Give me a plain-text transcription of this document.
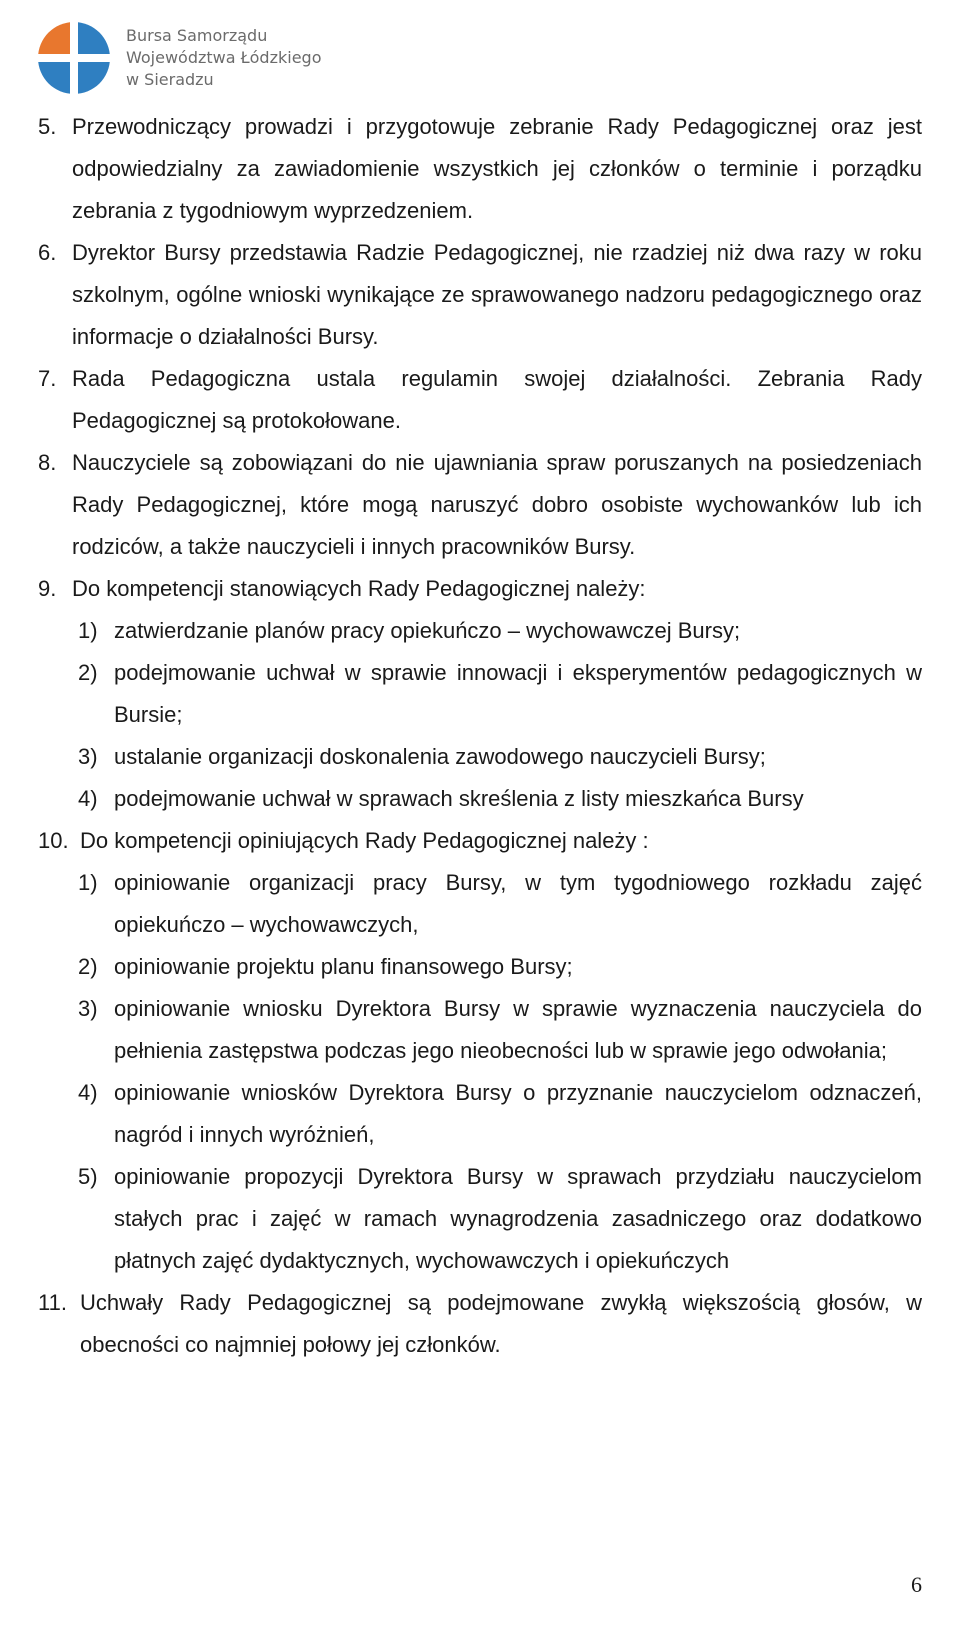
Bursa Samorządu
Województwa Łódzkiego
w Sieradzu
5. Przewodniczący prowadzi i przygotowuje zebranie Rady Pedagogicznej oraz jest odpowiedzialny za zawiadomienie wszystkich jej członków o terminie i porządku zebrania z tygodniowym wyprzedzeniem.
6. Dyrektor Bursy przedstawia Radzie Pedagogicznej, nie rzadziej niż dwa razy w roku szkolnym, ogólne wnioski wynikające ze sprawowanego nadzoru pedagogicznego oraz informacje o działalności Bursy.
7. Rada Pedagogiczna ustala regulamin swojej działalności. Zebrania Rady Pedagogicznej są protokołowane.
8. Nauczyciele są zobowiązani do nie ujawniania spraw poruszanych na posiedzeniach Rady Pedagogicznej, które mogą naruszyć dobro osobiste wychowanków lub ich rodziców, a także nauczycieli i innych pracowników Bursy.
9. Do kompetencji stanowiących Rady Pedagogicznej należy:
1) zatwierdzanie planów pracy opiekuńczo – wychowawczej Bursy;
2) podejmowanie uchwał w sprawie innowacji i eksperymentów pedagogicznych w Bursie;
3) ustalanie organizacji doskonalenia zawodowego nauczycieli Bursy;
4) podejmowanie uchwał w sprawach skreślenia z listy mieszkańca Bursy
10. Do kompetencji opiniujących Rady Pedagogicznej należy :
1) opiniowanie organizacji pracy Bursy, w tym tygodniowego rozkładu zajęć opiekuńczo – wychowawczych,
2) opiniowanie projektu planu finansowego Bursy;
3) opiniowanie wniosku Dyrektora Bursy w sprawie wyznaczenia nauczyciela do pełnienia zastępstwa podczas jego nieobecności lub w sprawie jego odwołania;
4) opiniowanie wniosków Dyrektora Bursy o przyznanie nauczycielom odznaczeń, nagród i innych wyróżnień,
5) opiniowanie propozycji Dyrektora Bursy w sprawach przydziału nauczycielom stałych prac i zajęć w ramach wynagrodzenia zasadniczego oraz dodatkowo płatnych zajęć dydaktycznych, wychowawczych i opiekuńczych
11. Uchwały Rady Pedagogicznej są podejmowane zwykłą większością głosów, w obecności co najmniej połowy jej członków.
6
